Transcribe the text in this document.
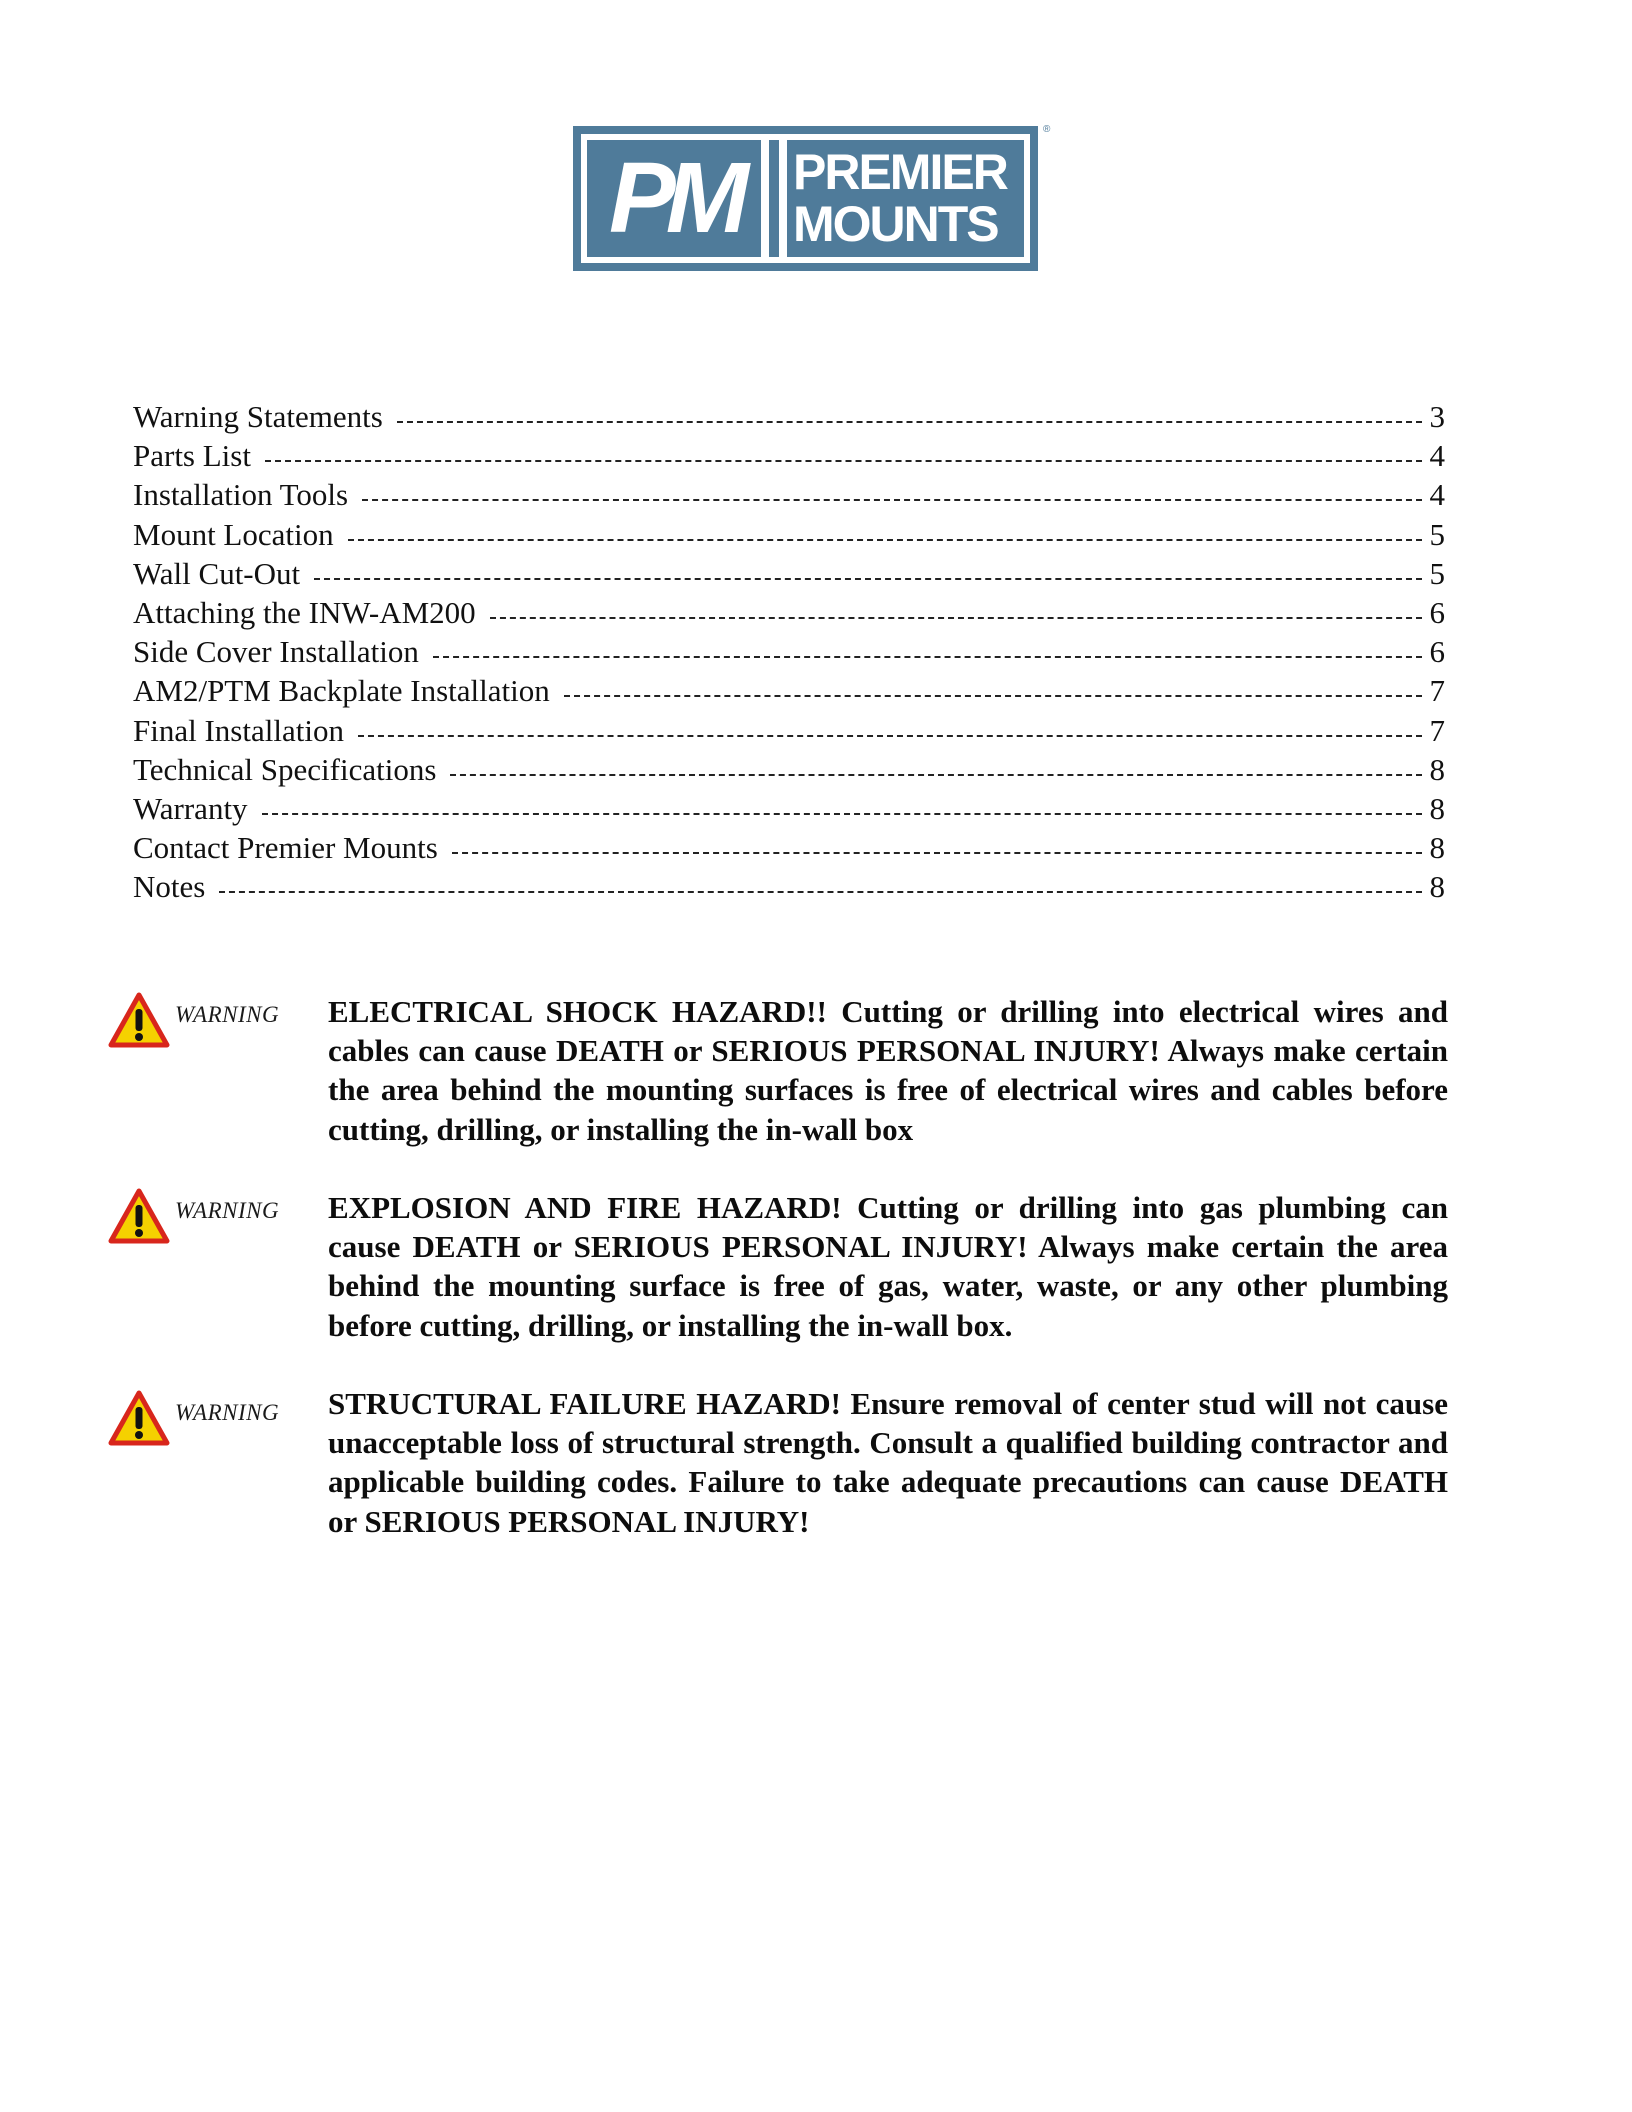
PM	PREMIER
MOUNTS
®
Warning Statements	3
Parts List	4
Installation Tools	4
Mount Location	5
Wall Cut-Out	5
Attaching the INW-AM200	6
Side Cover Installation	6
AM2/PTM Backplate Installation	7
Final Installation	7
Technical Specifications	8
Warranty	8
Contact Premier Mounts	8
Notes	8
WARNING ELECTRICAL SHOCK HAZARD!! Cutting or drilling into electrical wires and cables can cause DEATH or SERIOUS PERSONAL INJURY! Always make certain the area behind the mounting surfaces is free of electrical wires and cables before cutting, drilling, or installing the in-wall box
WARNING EXPLOSION AND FIRE HAZARD! Cutting or drilling into gas plumbing can cause DEATH or SERIOUS PERSONAL INJURY! Always make certain the area behind the mounting surface is free of gas, water, waste, or any other plumbing before cutting, drilling, or installing the in-wall box.
WARNING STRUCTURAL FAILURE HAZARD! Ensure removal of center stud will not cause unacceptable loss of structural strength. Consult a qualified building contractor and applicable building codes. Failure to take adequate precautions can cause DEATH or SERIOUS PERSONAL INJURY!
